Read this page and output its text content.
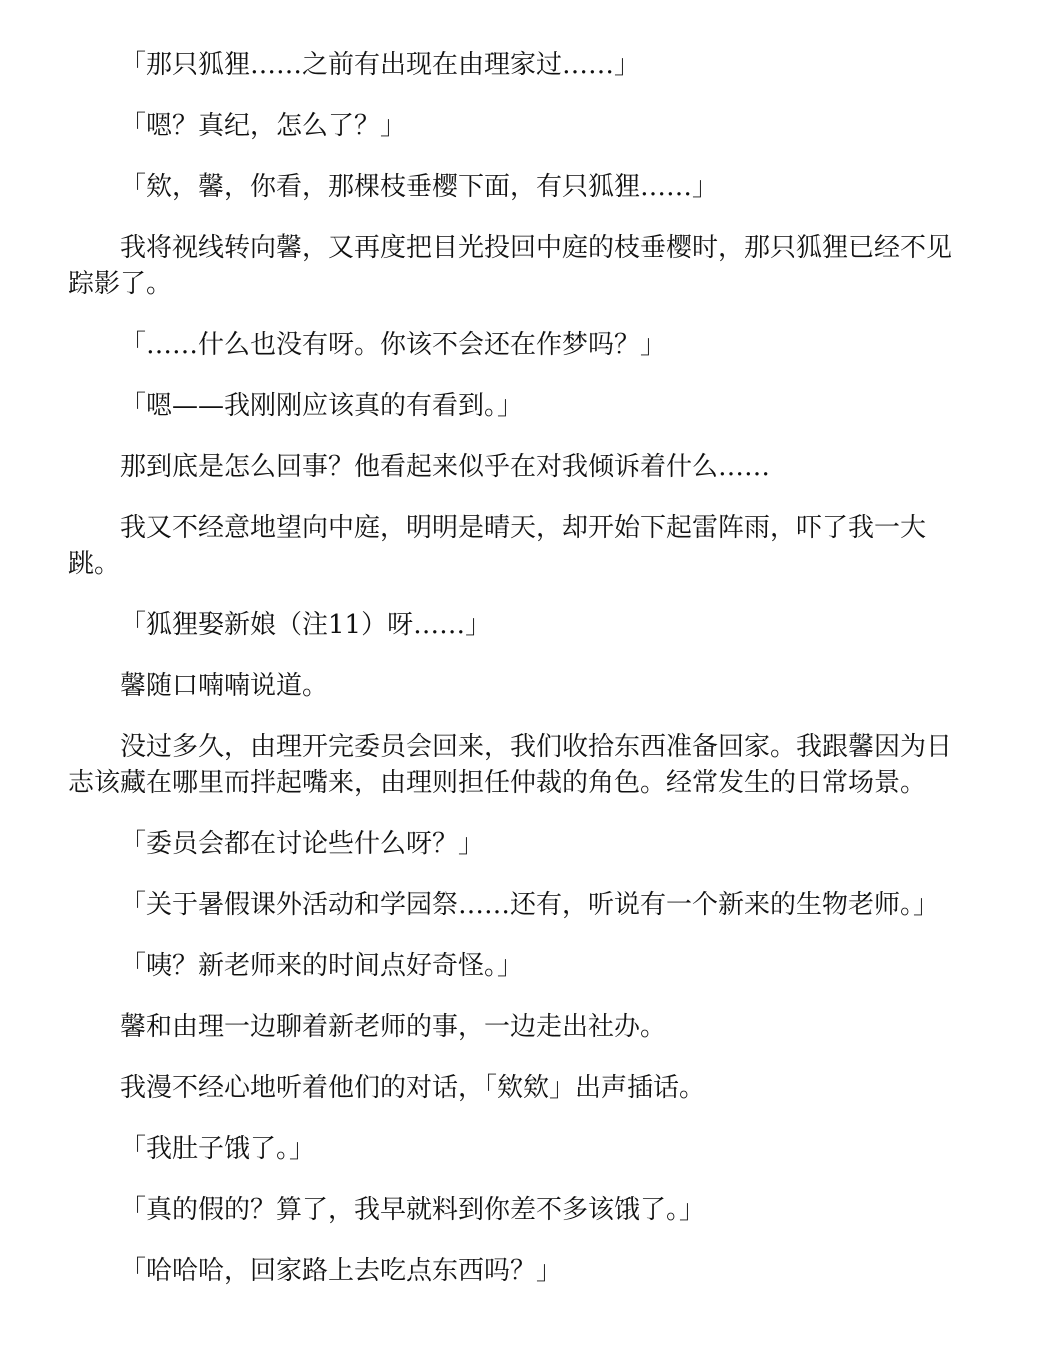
「那只狐狸……之前有出现在由理家过……」

「嗯？真纪，怎么了？」

「欸，馨，你看，那棵枝垂樱下面，有只狐狸……」

我将视线转向馨，又再度把目光投回中庭的枝垂樱时，那只狐狸已经不见踪影了。

「……什么也没有呀。你该不会还在作梦吗？」

「嗯——我刚刚应该真的有看到。」

那到底是怎么回事？他看起来似乎在对我倾诉着什么……

我又不经意地望向中庭，明明是晴天，却开始下起雷阵雨，吓了我一大跳。

「狐狸娶新娘（注11）呀……」

馨随口喃喃说道。

没过多久，由理开完委员会回来，我们收拾东西准备回家。我跟馨因为日志该藏在哪里而拌起嘴来，由理则担任仲裁的角色。经常发生的日常场景。

「委员会都在讨论些什么呀？」

「关于暑假课外活动和学园祭……还有，听说有一个新来的生物老师。」

「咦？新老师来的时间点好奇怪。」

馨和由理一边聊着新老师的事，一边走出社办。

我漫不经心地听着他们的对话，「欸欸」出声插话。

「我肚子饿了。」

「真的假的？算了，我早就料到你差不多该饿了。」

「哈哈哈，回家路上去吃点东西吗？」
